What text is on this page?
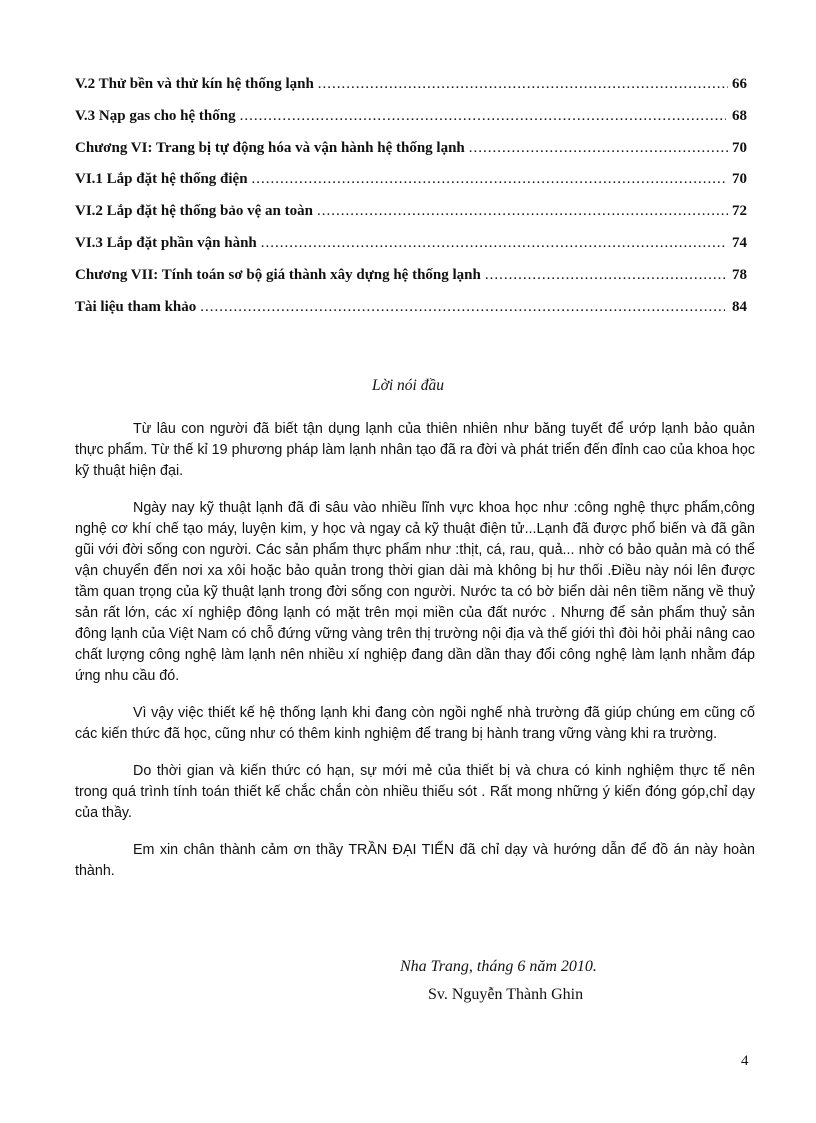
V.2 Thử bền và thử kín hệ thống lạnh .....	66
V.3 Nạp gas cho hệ thống .....	68
Chương VI: Trang bị tự động hóa và vận hành hệ thống lạnh .....	70
VI.1 Lắp đặt hệ thống điện .....	70
VI.2 Lắp đặt hệ thống bảo vệ an toàn .....	72
VI.3 Lắp đặt phần vận hành .....	74
Chương VII: Tính toán sơ bộ giá thành xây dựng hệ thống lạnh .....	78
Tài liệu tham khảo .....	84
Lời nói đầu

Từ lâu con người đã biết tận dụng lạnh của thiên nhiên như băng tuyết để ướp lạnh bảo quản thực phẩm. Từ thế kỉ 19 phương pháp làm lạnh nhân tạo đã ra đời và phát triển đến đỉnh cao của khoa học kỹ thuật hiện đại.

Ngày nay kỹ thuật lạnh đã đi sâu vào nhiều lĩnh vực khoa học như :công nghệ thực phẩm,công nghệ cơ khí chế tạo máy, luyện kim, y học và ngay cả kỹ thuật điện tử...Lạnh đã được phổ biến và đã gần gũi với đời sống con người. Các sản phẩm thực phẩm như :thịt, cá, rau, quả... nhờ có bảo quản mà có thể vận chuyển đến nơi xa xôi hoặc bảo quản trong thời gian dài mà không bị hư thối .Điều này nói lên được tầm quan trọng của kỹ thuật lạnh trong đời sống con người. Nước ta có bờ biển dài nên tiềm năng về thuỷ sản rất lớn, các xí nghiệp đông lạnh có mặt trên mọi miền của đất nước . Nhưng để sản phẩm thuỷ sản đông lạnh của Việt Nam có chỗ đứng vững vàng trên thị trường nội địa và thế giới thì đòi hỏi phải nâng cao chất lượng công nghệ làm lạnh nên nhiều xí nghiệp đang dần dần thay đổi công nghệ làm lạnh nhằm đáp ứng nhu cầu đó.

Vì vậy việc thiết kế hệ thống lạnh khi đang còn ngồi nghế nhà trường đã giúp chúng em cũng cố các kiến thức đã học, cũng như có thêm kinh nghiệm để trang bị hành trang vững vàng khi ra trường.

Do thời gian và kiến thức có hạn, sự mới mẻ của thiết bị và chưa có kinh nghiệm thực tế nên trong quá trình tính toán thiết kế chắc chắn còn nhiều thiếu sót . Rất mong những ý kiến đóng góp,chỉ dạy của thầy.

Em xin chân thành cảm ơn thầy TRẦN ĐẠI TIẾN đã chỉ dạy và hướng dẫn để đồ án này hoàn thành.

Nha Trang, tháng 6 năm 2010.
Sv. Nguyễn Thành Ghin
4
